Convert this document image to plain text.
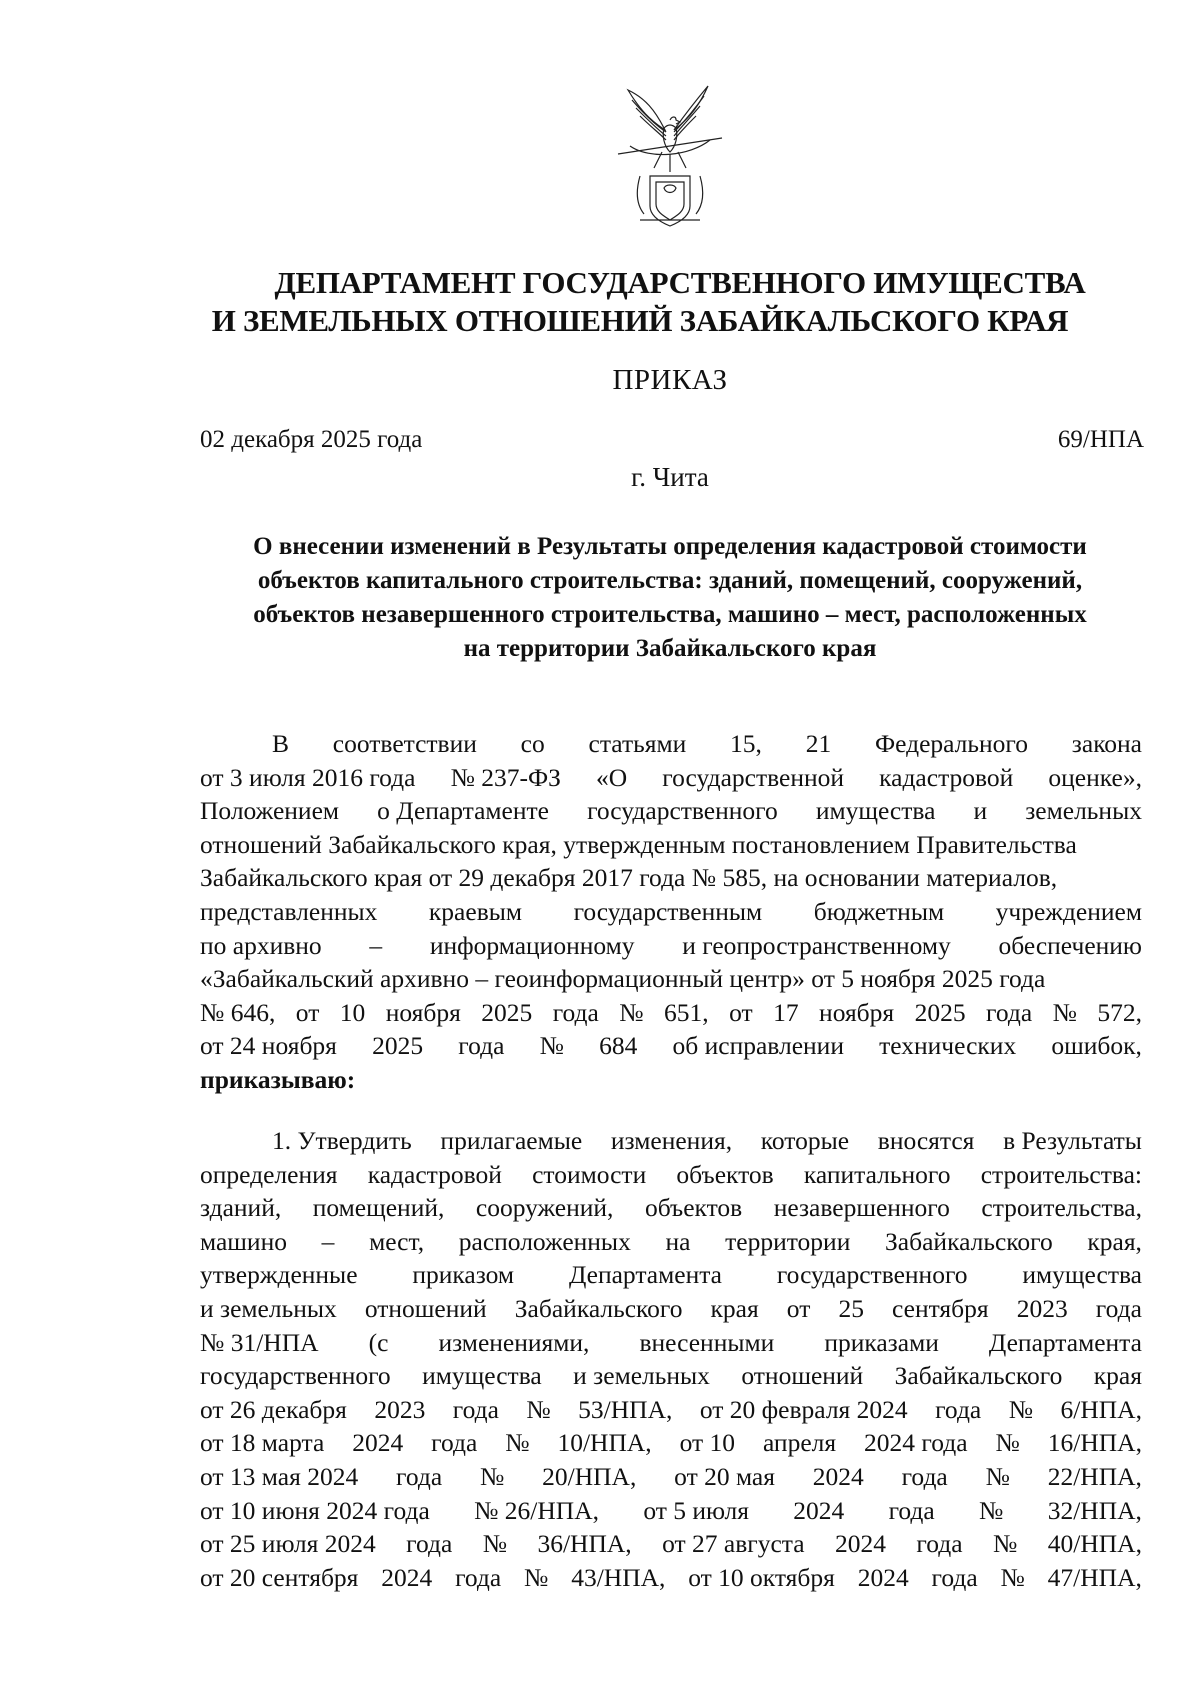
ДЕПАРТАМЕНТ ГОСУДАРСТВЕННОГО ИМУЩЕСТВА
И ЗЕМЕЛЬНЫХ ОТНОШЕНИЙ ЗАБАЙКАЛЬСКОГО КРАЯ
ПРИКАЗ
02 декабря 2025 года	69/НПА
г. Чита
О внесении изменений в Результаты определения кадастровой стоимости
объектов капитального строительства: зданий, помещений, сооружений,
объектов незавершенного строительства, машино – мест, расположенных
на территории Забайкальского края
В соответствии со статьями 15, 21 Федерального закона
от 3 июля 2016 года № 237-ФЗ «О государственной кадастровой оценке»,
Положением о Департаменте государственного имущества и земельных
отношений Забайкальского края, утвержденным постановлением Правительства
Забайкальского края от 29 декабря 2017 года № 585, на основании материалов,
представленных краевым государственным бюджетным учреждением
по архивно – информационному и геопространственному обеспечению
«Забайкальский архивно – геоинформационный центр» от 5 ноября 2025 года
№ 646, от 10 ноября 2025 года № 651, от 17 ноября 2025 года № 572,
от 24 ноября 2025 года № 684 об исправлении технических ошибок,
приказываю:
1. Утвердить прилагаемые изменения, которые вносятся в Результаты
определения кадастровой стоимости объектов капитального строительства:
зданий, помещений, сооружений, объектов незавершенного строительства,
машино – мест, расположенных на территории Забайкальского края,
утвержденные приказом Департамента государственного имущества
и земельных отношений Забайкальского края от 25 сентября 2023 года
№ 31/НПА (с изменениями, внесенными приказами Департамента
государственного имущества и земельных отношений Забайкальского края
от 26 декабря 2023 года № 53/НПА, от 20 февраля 2024 года № 6/НПА,
от 18 марта 2024 года № 10/НПА, от 10 апреля 2024 года № 16/НПА,
от 13 мая 2024 года № 20/НПА, от 20 мая 2024 года № 22/НПА,
от 10 июня 2024 года № 26/НПА, от 5 июля 2024 года № 32/НПА,
от 25 июля 2024 года № 36/НПА, от 27 августа 2024 года № 40/НПА,
от 20 сентября 2024 года № 43/НПА, от 10 октября 2024 года № 47/НПА,
